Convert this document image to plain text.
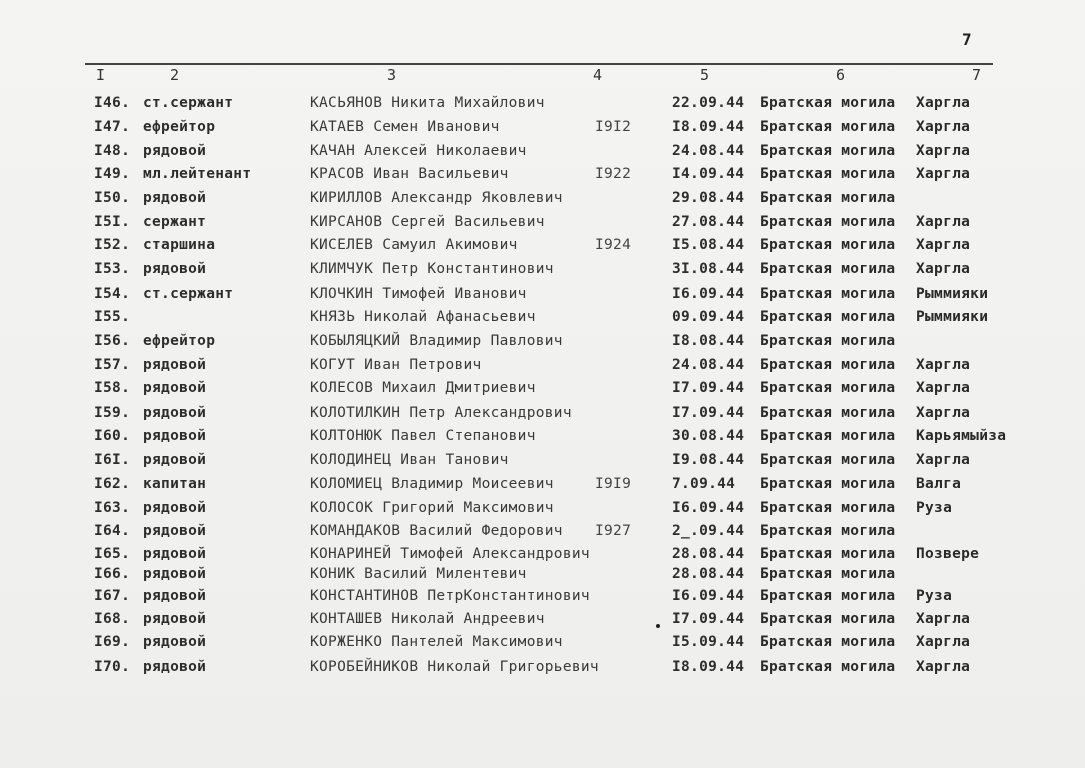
7
I	2	3	4	5	6	7
I46. ст.сержант	КАСЬЯНОВ Никита Михайлович	22.09.44 Братская могила Харгла
I47. ефрейтор	КАТАЕВ Семен Иванович	I9I2	I8.09.44 Братская могила Харгла
I48. рядовой	КАЧАН Алексей Николаевич	24.08.44 Братская могила Харгла
I49. мл.лейтенант	КРАСОВ Иван Васильевич	I922	I4.09.44 Братская могила Харгла
I50. рядовой	КИРИЛЛОВ Александр Яковлевич	29.08.44 Братская могила
I5I. сержант	КИРСАНОВ Сергей Васильевич	27.08.44 Братская могила Харгла
I52. старшина	КИСЕЛЕВ Самуил Акимович	I924	I5.08.44 Братская могила Харгла
I53. рядовой	КЛИМЧУК Петр Константинович	3I.08.44 Братская могила Харгла
I54. ст.сержант	КЛОЧКИН Тимофей Иванович	I6.09.44 Братская могила Рыммияки
I55.	КНЯЗЬ Николай Афанасьевич	09.09.44 Братская могила Рыммияки
I56. ефрейтор	КОБЫЛЯЦКИЙ Владимир Павлович	I8.08.44 Братская могила
I57. рядовой	КОГУТ Иван Петрович	24.08.44 Братская могила Харгла
I58. рядовой	КОЛЕСОВ Михаил Дмитриевич	I7.09.44 Братская могила Харгла
I59. рядовой	КОЛОТИЛКИН Петр Александрович	I7.09.44 Братская могила Харгла
I60. рядовой	КОЛТОНЮК Павел Степанович	30.08.44 Братская могила Карьямыйза
I6I. рядовой	КОЛОДИНЕЦ Иван Танович	I9.08.44 Братская могила Харгла
I62. капитан	КОЛОМИЕЦ Владимир Моисеевич	I9I9	7.09.44 Братская могила Валга
I63. рядовой	КОЛОСОК Григорий Максимович	I6.09.44 Братская могила Рузa
I64. рядовой	КОМАНДАКОВ Василий Федорович I927	2_.09.44 Братская могила
I65. рядовой	КОНАРИНЕЙ Тимофей Александрович	28.08.44 Братская могила Позвере
I66. рядовой	КОНИК Василий Милентевич	28.08.44 Братская могила
I67. рядовой	КОНСТАНТИНОВ ПетрКонстантинович	I6.09.44 Братская могила Рузa
I68. рядовой	КОНТАШЕВ Николай Андреевич	I7.09.44 Братская могила Харгла
I69. рядовой	КОРЖЕНКО Пантелей Максимович	I5.09.44 Братская могила Харгла
I70. рядовой	КОРОБЕЙНИКОВ Николай Григорьевич	I8.09.44 Братская могила Харгла
